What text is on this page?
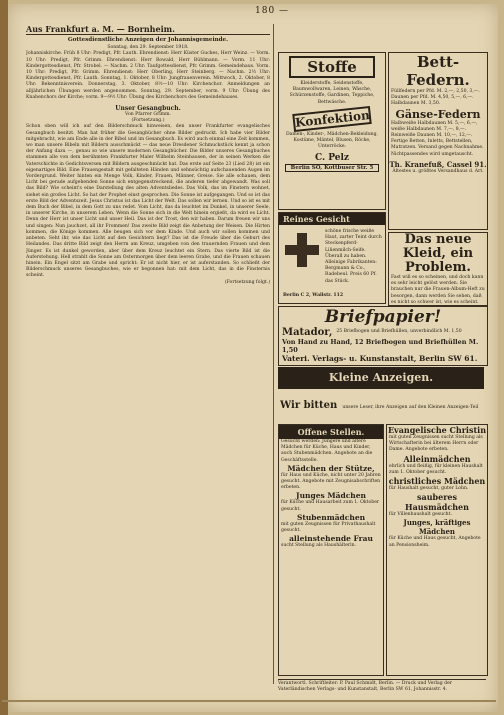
180 —
Aus Frankfurt a. M. — Bornheim.
Gottesdienstliche Anzeigen der Johannisgemeinde.
Sonntag, den 29. September 1918.
Johanniskirche. Früh 8 Uhr: Predigt, Pfr. Lauth. Ehrendienst: Herr Küster Guckes, Herr Weinz. — Vorm. 10 Uhr: Predigt, Pfr. Grimm. Ehrendienst: Herr Rowald, Herr Bühlmann. — Vorm. 11 Uhr: Kindergottesdienst, Pfr. Strobel. — Nachm. 2 Uhr: Taufgottesdienst, Pfr. Grimm. Gemeindehaus. Vorm. 10 Uhr: Predigt, Pfr. Grimm. Ehrendienst: Herr Oberling, Herr Steinberg. — Nachm. 2½ Uhr: Kindergottesdienst, Pfr. Lauth. Sonntag, 1. Oktober, 8 Uhr: Jungfrauenverein. Mittwoch, 2. Oktober, 8 Uhr: Bekenntnisverein. Donnerstag, 3. Oktober, 8½—10 Uhr: Kirchenchor. Anmeldungen an alljährlichen Übungen werden angenommen. Sonntag, 29. September, vorm. 9 Uhr: Übung des Knabenchors der Kirche; vorm. 9—9½ Uhr: Übung des Kirchenchors des Gemeindehauses.
Unser Gesangbuch.
Von Pfarrer Grimm.
(Fortsetzung.)
Schon oben will ich auf den Bilderschmuck hinweisen, den unser Frankfurter evangelisches Gesangbuch besitzt. Man hat früher die Gesangbücher ohne Bilder gedruckt. Ich habe vier Bilder mitgebracht, wie am Ende alle in der Bibel und im Gesangbuch. Es wird auch einmal eine Zeit kommen, wo man unsere Bibeln mit Bildern ausschmückt — das neue Dresdener Schmuckstück kennt ja schon der Anfang dazu —, genau so wie unsere modernen Gesangbücher. Die Bilder unseres Gesangbuches stammen alle von dem berühmten Frankfurter Maler Wilhelm Steinhausen, der in seinen Werken die Vaterschichte in Gedichtsversen mit Bildern ausgeschmückt hat. Das erste auf Seite 23 (Lied 28) ist ein eigenartiges Bild. Eine Frauengestalt mit gefalteten Händen und sehnsüchtig aufschauenden Augen im Vordergrund. Weiter hinten ein Menge Volk, Kinder, Frauen, Männer, Greise. Sie alle schauen, dem Licht bei gerade aufgehenden Sonne sich entgegenstreckend, die anderen tiefer abgewandt. Was soll das Bild? Wie scheint's eine Darstellung des alten Adventsliedes. Das Volk, das im Finstern wohnet, siehet ein großes Licht. So hat der Prophet einst gesprochen. Die Sonne ist aufgegangen. Und so ist das erste Bild der Adventszeit. Jesus Christus ist das Licht der Welt. Das sollen wir lernen. Und so ist es mit dem Buch der Bibel, in dem Gott zu uns redet. Vom Licht, das da leuchtet im Dunkel, in unserer Seele, in unserer Kirche, in unserem Leben. Wenn die Sonne sich in die Welt hinein ergießt, da wird es Licht. Denn der Herr ist unser Licht und unser Heil. Das ist der Trost, den wir haben. Darum freuen wir uns und singen: Nun jauchzet, all ihr Frommen! Das zweite Bild zeigt die Anbetung der Weisen. Die Hirten kommen, die Könige kommen. Alle beugen sich vor dem Kinde. Und auch wir sollen kommen und anbeten. Seht ihr, wie das Licht auf den Gesichtern liegt? Das ist die Freude über die Geburt des Heilandes. Das dritte Bild zeigt den Herrn am Kreuz, umgeben von den trauernden Frauen und dem Jünger. Es ist dunkel geworden, aber über dem Kreuz leuchtet ein Stern. Das vierte Bild ist die Auferstehung. Hell strahlt die Sonne am Ostermorgen über dem leeren Grabe, und die Frauen schauen hinein. Ein Engel sitzt am Grabe und spricht: Er ist nicht hier, er ist auferstanden. So schließt der Bilderschmuck unseres Gesangbuches, wie er begonnen hat: mit dem Licht, das in die Finsternis scheint.
(Fortsetzung folgt.)
Stoffe
Kleiderstoffe, Seidenstoffe, Baumwollwaren, Leinen, Wäsche, Schürzenstoffe, Gardinen, Teppiche, Bettwäsche.
Konfektion
Damen-, Kinder-, Mädchen-Bekleidung, Kostüme, Mäntel, Blusen, Röcke, Unterröcke.
C. Pelz
Berlin SO, Kottbuser Str. 5
Bett-Federn.
Füllfedern per Pfd. M. 2,—, 2,50, 3,—. Daunen per Pfd. M. 4,50, 5,—, 6,—. Halbdaunen M. 3,50.
Gänse-Federn
Halbweiße Halbdaunen M. 5,—, 6,—, weiße Halbdaunen M. 7,—, 8,—. Reinweiße Daunen M. 10,—, 12,—. Fertige Betten, Inletts, Bettstellen, Matratzen. Versand gegen Nachnahme. Nichtpassendes wird umgetauscht.
Th. Kranefuß, Cassel 91.
Ältestes u. größtes Versandhaus d. Art.
Reines Gesicht
schöne frische weiße Haut, zarter Teint durch Steckenpferd-Lilienmilch-Seife. Überall zu haben. Alleinige Fabrikanten: Bergmann & Co., Radebeul. Preis 60 Pf. das Stück.
Berlin C 2, Wallstr. 112
Das neue Kleid, ein Problem.
Fast will es so scheinen, und doch kann es sehr leicht gelöst werden. Sie brauchen nur die Frauen-Album-Heft zu besorgen, dann werden Sie sehen, daß es nicht so schwer ist, wie es scheint.
Briefpapier!
Matador, 25 Briefbogen und Briefhüllen, unverbindlich M. 1,50
Von Hand zu Hand, 12 Briefbogen und Briefhüllen M. 1,50
Vateri. Verlags- u. Kunstanstalt, Berlin SW 61.
Kleine Anzeigen.
Wir bitten unsere Leser, ihre Anzeigen auf den Kleinen Anzeigen-Teil
Offene Stellen.
Gesucht werden: Jüngere und ältere Mädchen für Küche, Haus und Kinder, auch Stubenmädchen. Angebote an die Geschäftsstelle.
Mädchen der Stütze,
für Haus und Küche, nicht unter 20 Jahren gesucht. Angebote mit Zeugnisabschriften erbeten.
Junges Mädchen
für Küche und Hausarbeit zum 1. Oktober gesucht.
Stubenmädchen
mit guten Zeugnissen für Privathaushalt gesucht.
alleinstehende Frau
sucht Stellung als Haushälterin.
Evangelische Christin
mit guten Zeugnissen sucht Stellung als Wirtschafterin bei älterem Herrn oder Dame. Angebote erbeten.
Alleinmädchen
ehrlich und fleißig, für kleinen Haushalt zum 1. Oktober gesucht.
christliches Mädchen
für Haushalt gesucht, guter Lohn.
sauberes Hausmädchen
für Villenhaushalt gesucht.
Junges, kräftiges Mädchen
für Küche und Haus gesucht, Angebote an Pensionsheim.
Verantwortl. Schriftleiter: P. Paul Schmidt, Berlin. — Druck und Verlag der Vaterländischen Verlags- und Kunstanstalt, Berlin SW 61, Johannisstr. 4.
